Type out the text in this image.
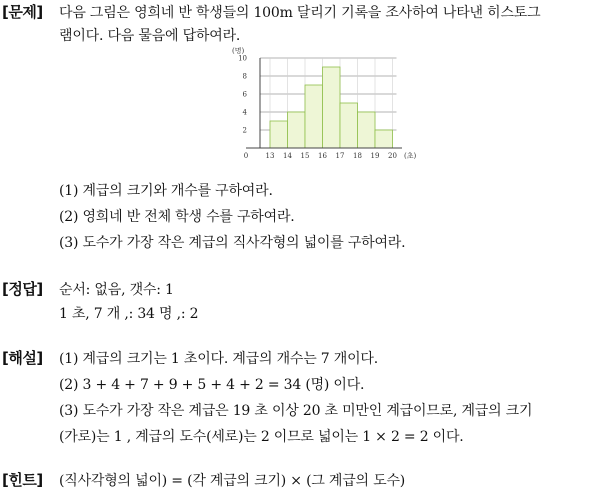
[문제] 다음 그림은 영희네 반 학생들의 100m 달리기 기록을 조사하여 나타낸 히스토그
램이다. 다음 물음에 답하여라.
2
4
6
8
10
0 13 14 15 16 17 18 19 20
(명)
(초)
(1) 계급의 크기와 개수를 구하여라.
(2) 영희네 반 전체 학생 수를 구하여라.
(3) 도수가 가장 작은 계급의 직사각형의 넓이를 구하여라.
[정답] 순서: 없음, 갯수: 1
1 초, 7 개 ,: 34 명 ,: 2
[해설] (1) 계급의 크기는 1 초이다. 계급의 개수는 7 개이다.
(2) 3 + 4 + 7 + 9 + 5 + 4 + 2 = 34 (명) 이다.
(3) 도수가 가장 작은 계급은 19 초 이상 20 초 미만인 계급이므로, 계급의 크기
(가로)는 1 , 계급의 도수(세로)는 2 이므로 넓이는 1 × 2 = 2 이다.
[힌트] (직사각형의 넓이) = (각 계급의 크기) × (그 계급의 도수)
